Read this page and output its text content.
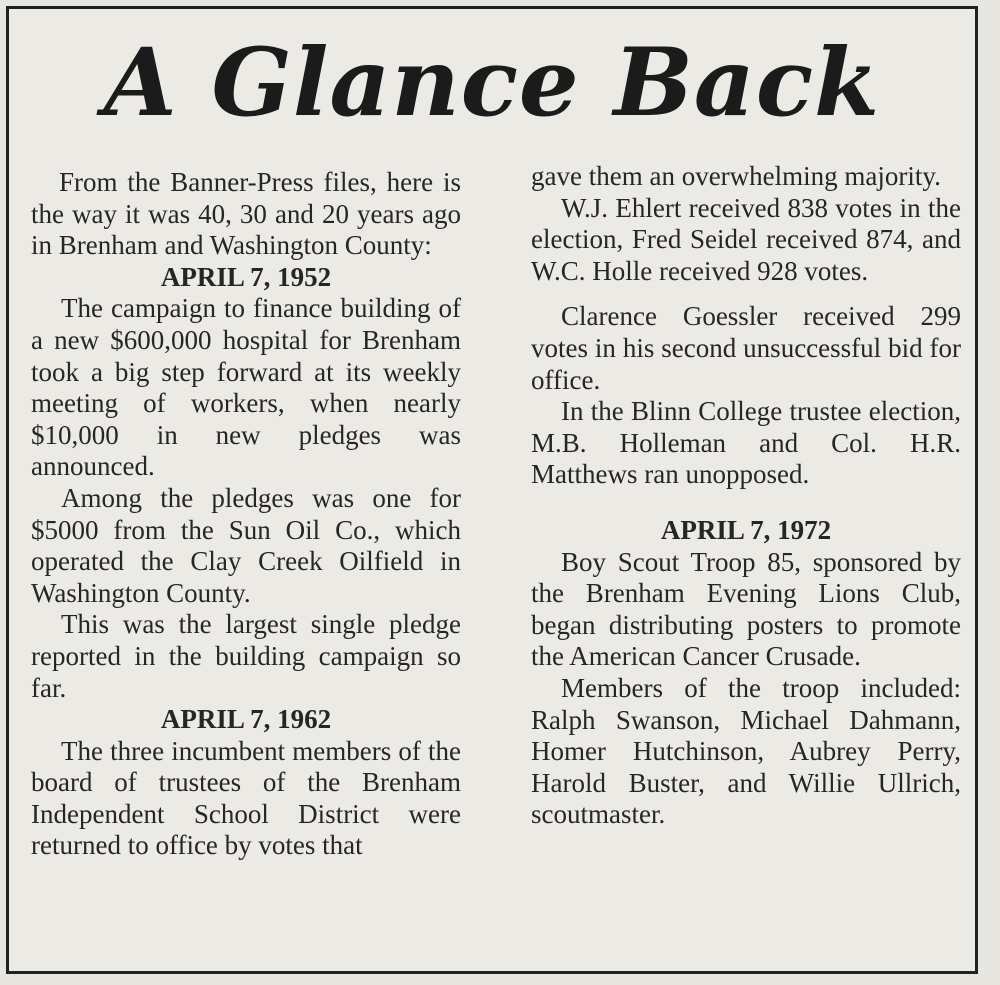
A Glance Back

From the Banner-Press files, here is the way it was 40, 30 and 20 years ago in Brenham and Washington County:

APRIL 7, 1952

The campaign to finance building of a new $600,000 hospital for Brenham took a big step forward at its weekly meeting of workers, when nearly $10,000 in new pledges was announced.

Among the pledges was one for $5000 from the Sun Oil Co., which operated the Clay Creek Oilfield in Washington County.

This was the largest single pledge reported in the building campaign so far.

APRIL 7, 1962

The three incumbent members of the board of trustees of the Brenham Independent School District were returned to office by votes that

gave them an overwhelming majority.

W.J. Ehlert received 838 votes in the election, Fred Seidel received 874, and W.C. Holle received 928 votes.

Clarence Goessler received 299 votes in his second unsuccessful bid for office.

In the Blinn College trustee election, M.B. Holleman and Col. H.R. Matthews ran unopposed.

APRIL 7, 1972

Boy Scout Troop 85, sponsored by the Brenham Evening Lions Club, began distributing posters to promote the American Cancer Crusade.

Members of the troop included: Ralph Swanson, Michael Dahmann, Homer Hutchinson, Aubrey Perry, Harold Buster, and Willie Ullrich, scoutmaster.
